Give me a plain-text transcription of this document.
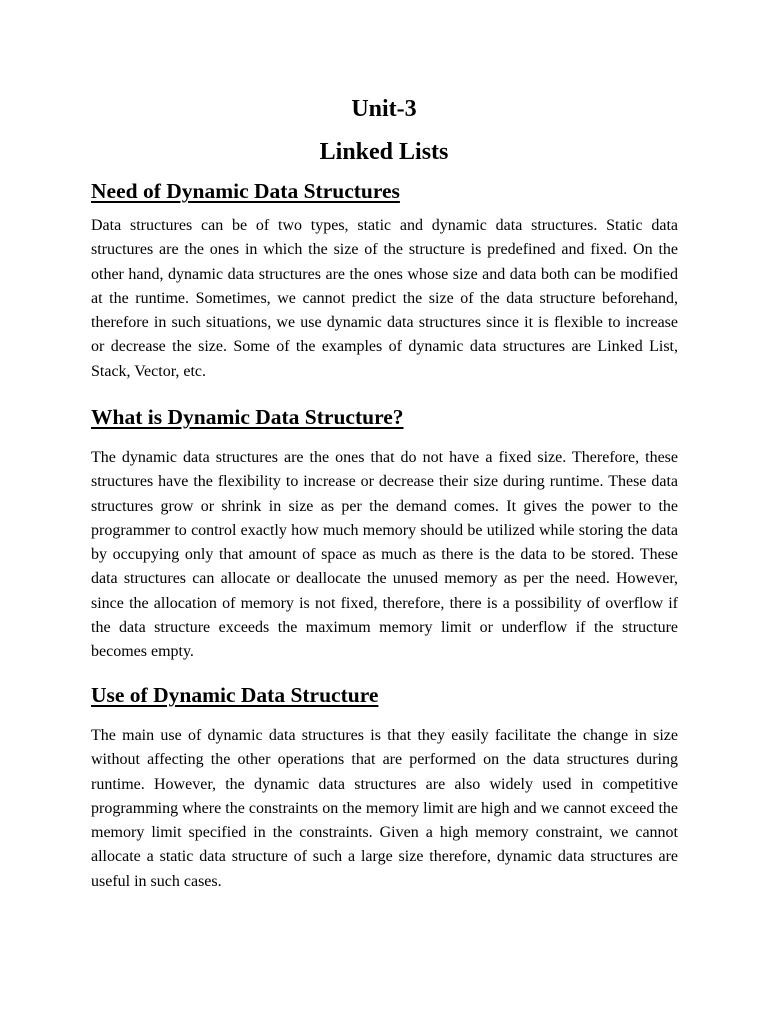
Unit-3
Linked Lists
Need of Dynamic Data Structures

Data structures can be of two types, static and dynamic data structures. Static data structures are the ones in which the size of the structure is predefined and fixed. On the other hand, dynamic data structures are the ones whose size and data both can be modified at the runtime. Sometimes, we cannot predict the size of the data structure beforehand, therefore in such situations, we use dynamic data structures since it is flexible to increase or decrease the size. Some of the examples of dynamic data structures are Linked List, Stack, Vector, etc.

What is Dynamic Data Structure?

The dynamic data structures are the ones that do not have a fixed size. Therefore, these structures have the flexibility to increase or decrease their size during runtime. These data structures grow or shrink in size as per the demand comes. It gives the power to the programmer to control exactly how much memory should be utilized while storing the data by occupying only that amount of space as much as there is the data to be stored. These data structures can allocate or deallocate the unused memory as per the need. However, since the allocation of memory is not fixed, therefore, there is a possibility of overflow if the data structure exceeds the maximum memory limit or underflow if the structure becomes empty.

Use of Dynamic Data Structure

The main use of dynamic data structures is that they easily facilitate the change in size without affecting the other operations that are performed on the data structures during runtime. However, the dynamic data structures are also widely used in competitive programming where the constraints on the memory limit are high and we cannot exceed the memory limit specified in the constraints. Given a high memory constraint, we cannot allocate a static data structure of such a large size therefore, dynamic data structures are useful in such cases.
